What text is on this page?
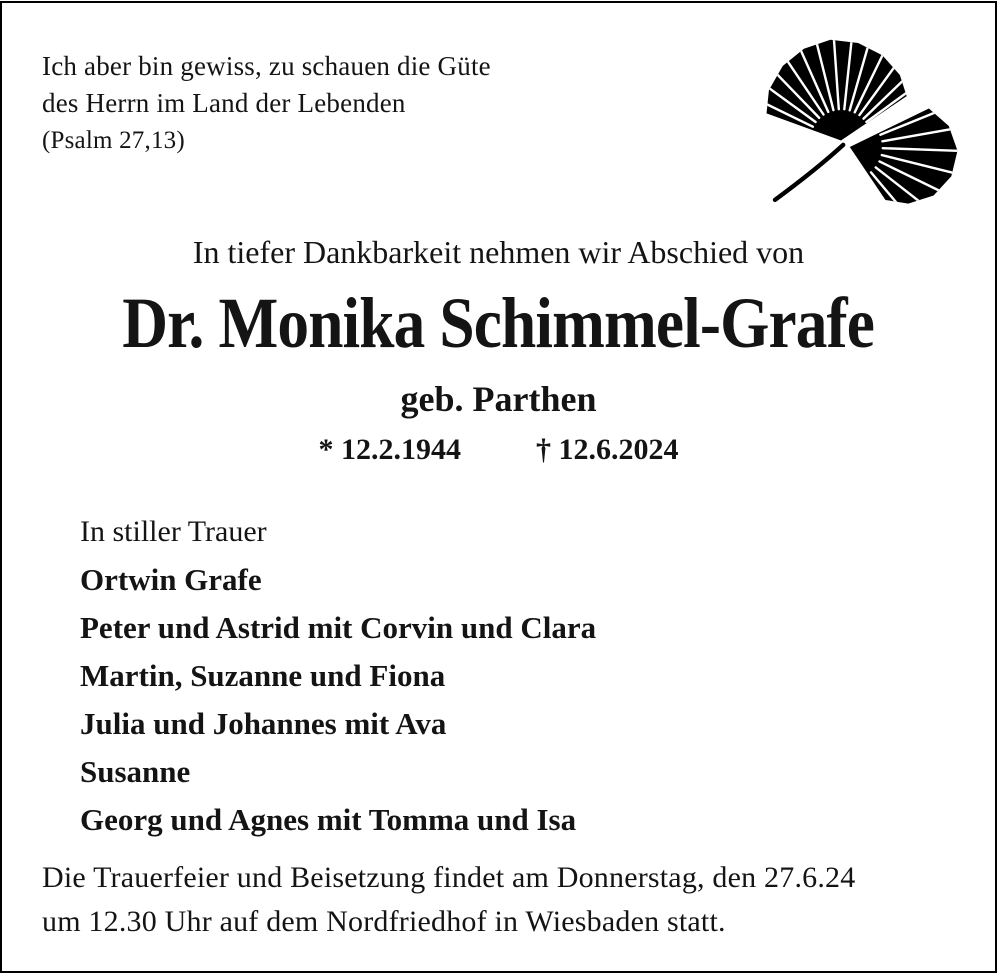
Ich aber bin gewiss, zu schauen die Güte
des Herrn im Land der Lebenden
(Psalm 27,13)
In tiefer Dankbarkeit nehmen wir Abschied von
Dr. Monika Schimmel-Grafe
geb. Parthen
* 12.2.1944	† 12.6.2024
In stiller Trauer
Ortwin Grafe
Peter und Astrid mit Corvin und Clara
Martin, Suzanne und Fiona
Julia und Johannes mit Ava
Susanne
Georg und Agnes mit Tomma und Isa
Die Trauerfeier und Beisetzung findet am Donnerstag, den 27.6.24
um 12.30 Uhr auf dem Nordfriedhof in Wiesbaden statt.
